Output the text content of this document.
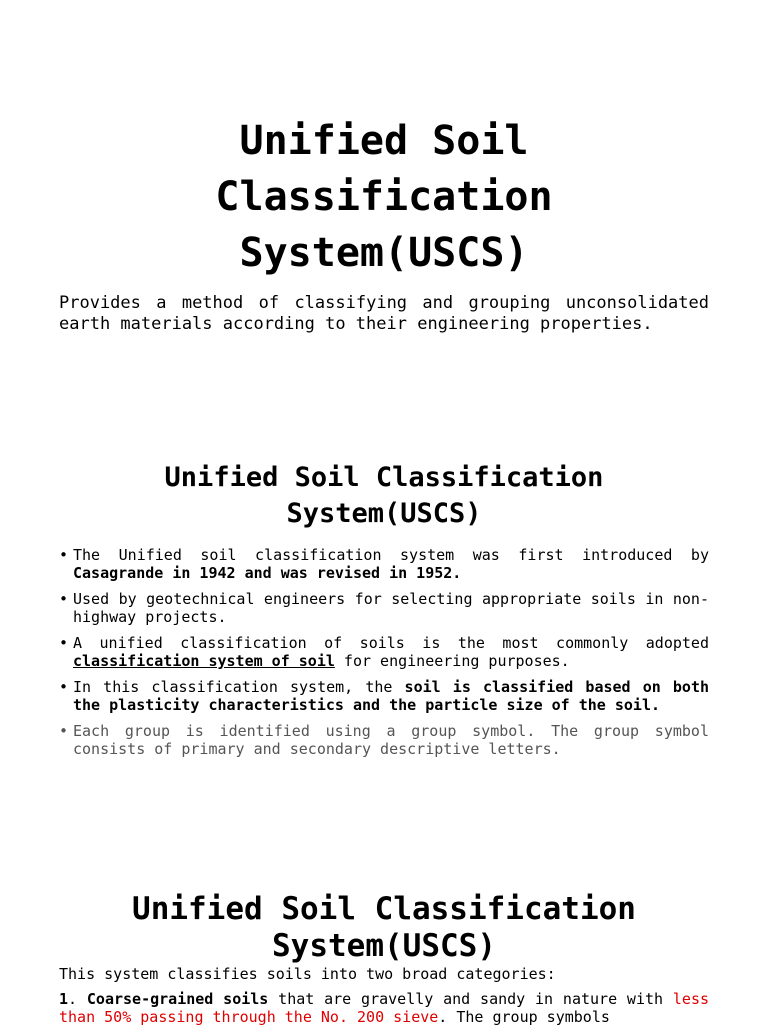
Unified Soil
Classification
System(USCS)

Provides a method of classifying and grouping unconsolidated earth materials according to their engineering properties.

Unified Soil Classification
System(USCS)
• The Unified soil classification system was first introduced by Casagrande in 1942 and was revised in 1952.
• Used by geotechnical engineers for selecting appropriate soils in non-highway projects.
• A unified classification of soils is the most commonly adopted classification system of soil for engineering purposes.
• In this classification system, the soil is classified based on both the plasticity characteristics and the particle size of the soil.
• Each group is identified using a group symbol. The group symbol consists of primary and secondary descriptive letters.
Unified Soil Classification
System(USCS)

This system classifies soils into two broad categories:

1. Coarse-grained soils that are gravelly and sandy in nature with less than 50% passing through the No. 200 sieve. The group symbols
